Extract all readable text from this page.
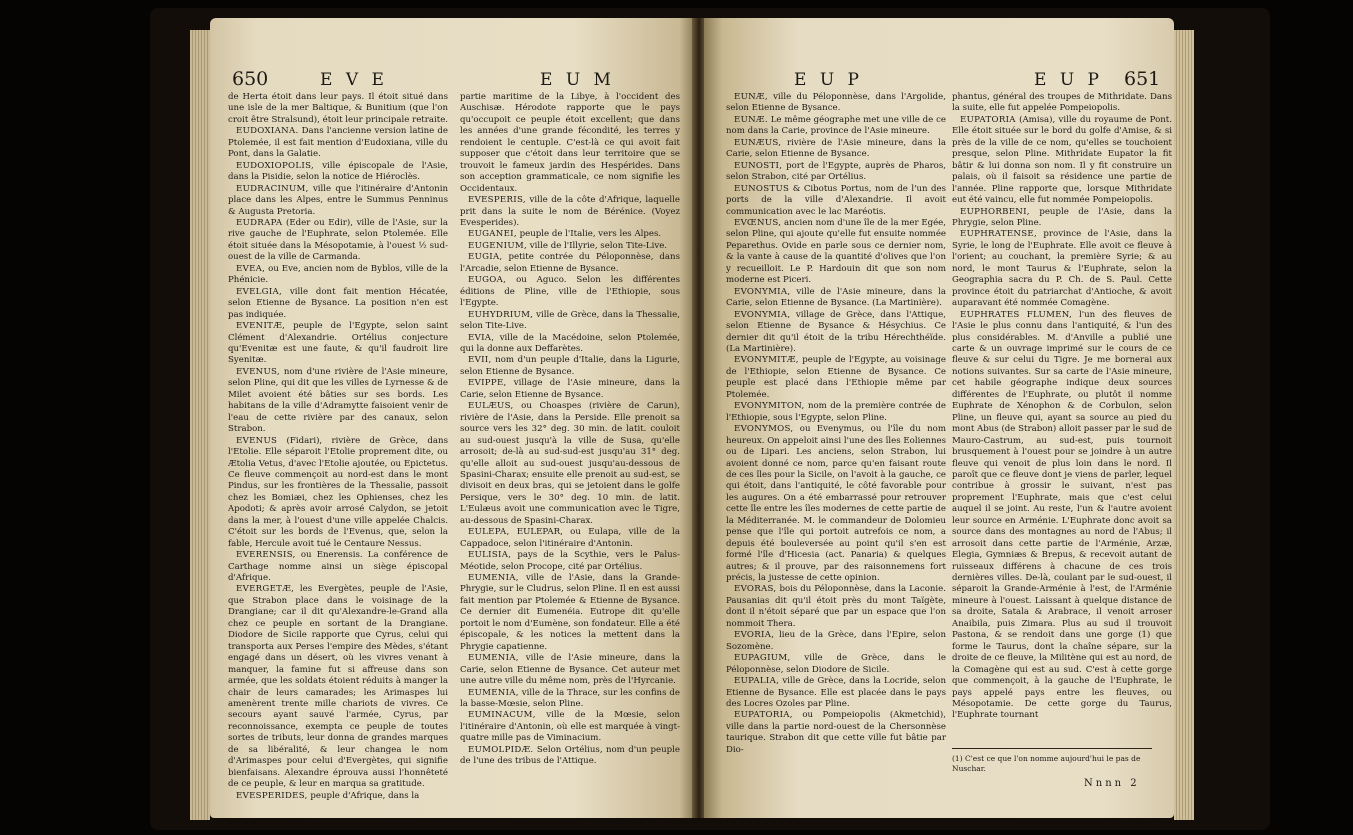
650	E V E	E U M

de Herta étoit dans leur pays. Il étoit situé dans une isle de la mer Baltique, & Bunitium (que l'on croit être Stralsund), étoit leur principale retraite.

EUDOXIANA. Dans l'ancienne version latine de Ptolemée, il est fait mention d'Eudoxiana, ville du Pont, dans la Galatie.

EUDOXIOPOLIS, ville épiscopale de l'Asie, dans la Pisidie, selon la notice de Hiéroclès.

EUDRACINUM, ville que l'itinéraire d'Antonin place dans les Alpes, entre le Summus Penninus & Augusta Pretoria.

EUDRAPA (Eder ou Edir), ville de l'Asie, sur la rive gauche de l'Euphrate, selon Ptolemée. Elle étoit située dans la Mésopotamie, à l'ouest ½ sud-ouest de la ville de Carmanda.

EVEA, ou Eve, ancien nom de Byblos, ville de la Phénicie.

EVELGIA, ville dont fait mention Hécatée, selon Etienne de Bysance. La position n'en est pas indiquée.

EVENITÆ, peuple de l'Egypte, selon saint Clément d'Alexandrie. Ortélius conjecture qu'Evenitæ est une faute, & qu'il faudroit lire Syenitæ.

EVENUS, nom d'une rivière de l'Asie mineure, selon Pline, qui dit que les villes de Lyrnesse & de Milet avoient été bâties sur ses bords. Les habitans de la ville d'Adramytte faisoient venir de l'eau de cette rivière par des canaux, selon Strabon.

EVENUS (Fidari), rivière de Grèce, dans l'Etolie. Elle séparoit l'Etolie proprement dite, ou Ætolia Vetus, d'avec l'Etolie ajoutée, ou Epictetus. Ce fleuve commençoit au nord-est dans le mont Pindus, sur les frontières de la Thessalie, passoit chez les Bomiæi, chez les Ophienses, chez les Apodoti; & après avoir arrosé Calydon, se jetoit dans la mer, à l'ouest d'une ville appelée Chalcis. C'étoit sur les bords de l'Evenus, que, selon la fable, Hercule avoit tué le Centaure Nessus.

EVERENSIS, ou Enerensis. La conférence de Carthage nomme ainsi un siège épiscopal d'Afrique.

EVERGETÆ, les Evergètes, peuple de l'Asie, que Strabon place dans le voisinage de la Drangiane; car il dit qu'Alexandre-le-Grand alla chez ce peuple en sortant de la Drangiane. Diodore de Sicile rapporte que Cyrus, celui qui transporta aux Perses l'empire des Mèdes, s'étant engagé dans un désert, où les vivres venant à manquer, la famine fut si affreuse dans son armée, que les soldats étoient réduits à manger la chair de leurs camarades; les Arimaspes lui amenèrent trente mille chariots de vivres. Ce secours ayant sauvé l'armée, Cyrus, par reconnoissance, exempta ce peuple de toutes sortes de tributs, leur donna de grandes marques de sa libéralité, & leur changea le nom d'Arimaspes pour celui d'Evergètes, qui signifie bienfaisans. Alexandre éprouva aussi l'honnêteté de ce peuple, & leur en marqua sa gratitude.

EVESPERIDES, peuple d'Afrique, dans la

partie maritime de la Libye, à l'occident des Auschisæ. Hérodote rapporte que le pays qu'occupoit ce peuple étoit excellent; que dans les années d'une grande fécondité, les terres y rendoient le centuple. C'est-là ce qui avoit fait supposer que c'étoit dans leur territoire que se trouvoit le fameux jardin des Hespérides. Dans son acception grammaticale, ce nom signifie les Occidentaux.

EVESPERIS, ville de la côte d'Afrique, laquelle prit dans la suite le nom de Bérénice. (Voyez Evesperides).

EUGANEI, peuple de l'Italie, vers les Alpes.

EUGENIUM, ville de l'Illyrie, selon Tite-Live.

EUGIA, petite contrée du Péloponnèse, dans l'Arcadie, selon Etienne de Bysance.

EUGOA, ou Aguco. Selon les différentes éditions de Pline, ville de l'Ethiopie, sous l'Egypte.

EUHYDRIUM, ville de Grèce, dans la Thessalie, selon Tite-Live.

EVIA, ville de la Macédoine, selon Ptolemée, qui la donne aux Deffarètes.

EVII, nom d'un peuple d'Italie, dans la Ligurie, selon Etienne de Bysance.

EVIPPE, village de l'Asie mineure, dans la Carie, selon Etienne de Bysance.

EULÆUS, ou Choaspes (rivière de Carun), rivière de l'Asie, dans la Perside. Elle prenoit sa source vers les 32° deg. 30 min. de latit. couloit au sud-ouest jusqu'à la ville de Susa, qu'elle arrosoit; de-là au sud-sud-est jusqu'au 31° deg. qu'elle alloit au sud-ouest jusqu'au-dessous de Spasini-Charax; ensuite elle prenoit au sud-est, se divisoit en deux bras, qui se jetoient dans le golfe Persique, vers le 30° deg. 10 min. de latit. L'Eulæus avoit une communication avec le Tigre, au-dessous de Spasini-Charax.

EULEPA, EULEPAR, ou Eulapa, ville de la Cappadoce, selon l'itinéraire d'Antonin.

EULISIA, pays de la Scythie, vers le Palus-Méotide, selon Procope, cité par Ortélius.

EUMENIA, ville de l'Asie, dans la Grande-Phrygie, sur le Cludrus, selon Pline. Il en est aussi fait mention par Ptolemée & Etienne de Bysance. Ce dernier dit Eumenéia. Eutrope dit qu'elle portoit le nom d'Eumène, son fondateur. Elle a été épiscopale, & les notices la mettent dans la Phrygie capatienne.

EUMENIA, ville de l'Asie mineure, dans la Carie, selon Etienne de Bysance. Cet auteur met une autre ville du même nom, près de l'Hyrcanie.

EUMENIA, ville de la Thrace, sur les confins de la basse-Mœsie, selon Pline.

EUMINACUM, ville de la Mœsie, selon l'itinéraire d'Antonin, où elle est marquée à vingt-quatre mille pas de Viminacium.

EUMOLPIDÆ. Selon Ortélius, nom d'un peuple de l'une des tribus de l'Attique.

E U P	E U P 651

EUNÆ, ville du Péloponnèse, dans l'Argolide, selon Etienne de Bysance.

EUNÆ. Le même géographe met une ville de ce nom dans la Carie, province de l'Asie mineure.

EUNÆUS, rivière de l'Asie mineure, dans la Carie, selon Etienne de Bysance.

EUNOSTI, port de l'Egypte, auprès de Pharos, selon Strabon, cité par Ortélius.

EUNOSTUS & Cibotus Portus, nom de l'un des ports de la ville d'Alexandrie. Il avoit communication avec le lac Maréotis.

EVŒNUS, ancien nom d'une île de la mer Egée, selon Pline, qui ajoute qu'elle fut ensuite nommée Peparethus. Ovide en parle sous ce dernier nom, & la vante à cause de la quantité d'olives que l'on y recueilloit. Le P. Hardouin dit que son nom moderne est Piceri.

EVONYMIA, ville de l'Asie mineure, dans la Carie, selon Etienne de Bysance. (La Martinière).

EVONYMIA, village de Grèce, dans l'Attique, selon Etienne de Bysance & Hésychius. Ce dernier dit qu'il étoit de la tribu Hérechthéïde. (La Martinière).

EVONYMITÆ, peuple de l'Egypte, au voisinage de l'Ethiopie, selon Etienne de Bysance. Ce peuple est placé dans l'Ethiopie même par Ptolemée.

EVONYMITON, nom de la première contrée de l'Ethiopie, sous l'Egypte, selon Pline.

EVONYMOS, ou Evenymus, ou l'île du nom heureux. On appeloit ainsi l'une des îles Eoliennes ou de Lipari. Les anciens, selon Strabon, lui avoient donné ce nom, parce qu'en faisant route de ces îles pour la Sicile, on l'avoit à la gauche, ce qui étoit, dans l'antiquité, le côté favorable pour les augures. On a été embarrassé pour retrouver cette île entre les îles modernes de cette partie de la Méditerranée. M. le commandeur de Dolomieu pense que l'île qui portoit autrefois ce nom, a depuis été bouleversée au point qu'il s'en est formé l'île d'Hicesia (act. Panaria) & quelques autres; & il prouve, par des raisonnemens fort précis, la justesse de cette opinion.

EVORAS, bois du Péloponnèse, dans la Laconie. Pausanias dit qu'il étoit près du mont Taïgète, dont il n'étoit séparé que par un espace que l'on nommoit Thera.

EVORIA, lieu de la Grèce, dans l'Epire, selon Sozomène.

EUPAGIUM, ville de Grèce, dans le Péloponnèse, selon Diodore de Sicile.

EUPALIA, ville de Grèce, dans la Locride, selon Etienne de Bysance. Elle est placée dans le pays des Locres Ozoles par Pline.

EUPATORIA, ou Pompeiopolis (Akmetchid), ville dans la partie nord-ouest de la Chersonnèse taurique. Strabon dit que cette ville fut bâtie par Dio-

phantus, général des troupes de Mithridate. Dans la suite, elle fut appelée Pompeiopolis.

EUPATORIA (Amisa), ville du royaume de Pont. Elle étoit située sur le bord du golfe d'Amise, & si près de la ville de ce nom, qu'elles se touchoient presque, selon Pline. Mithridate Eupator la fit bâtir & lui donna son nom. Il y fit construire un palais, où il faisoit sa résidence une partie de l'année. Pline rapporte que, lorsque Mithridate eut été vaincu, elle fut nommée Pompeiopolis.

EUPHORBENI, peuple de l'Asie, dans la Phrygie, selon Pline.

EUPHRATENSE, province de l'Asie, dans la Syrie, le long de l'Euphrate. Elle avoit ce fleuve à l'orient; au couchant, la première Syrie; & au nord, le mont Taurus & l'Euphrate, selon la Geographia sacra du P. Ch. de S. Paul. Cette province étoit du patriarchat d'Antioche, & avoit auparavant été nommée Comagène.

EUPHRATES FLUMEN, l'un des fleuves de l'Asie le plus connu dans l'antiquité, & l'un des plus considérables. M. d'Anville a publié une carte & un ouvrage imprimé sur le cours de ce fleuve & sur celui du Tigre. Je me bornerai aux notions suivantes. Sur sa carte de l'Asie mineure, cet habile géographe indique deux sources différentes de l'Euphrate, ou plutôt il nomme Euphrate de Xénophon & de Corbulon, selon Pline, un fleuve qui, ayant sa source au pied du mont Abus (de Strabon) alloit passer par le sud de Mauro-Castrum, au sud-est, puis tournoit brusquement à l'ouest pour se joindre à un autre fleuve qui venoit de plus loin dans le nord. Il paroît que ce fleuve dont je viens de parler, lequel contribue à grossir le suivant, n'est pas proprement l'Euphrate, mais que c'est celui auquel il se joint. Au reste, l'un & l'autre avoient leur source en Arménie. L'Euphrate donc avoit sa source dans des montagnes au nord de l'Abus; il arrosoit dans cette partie de l'Arménie, Arzæ, Elegia, Gymniæs & Brepus, & recevoit autant de ruisseaux différens à chacune de ces trois dernières villes. De-là, coulant par le sud-ouest, il séparoit la Grande-Arménie à l'est, de l'Arménie mineure à l'ouest. Laissant à quelque distance de sa droite, Satala & Arabrace, il venoit arroser Anaibila, puis Zimara. Plus au sud il trouvoit Pastona, & se rendoit dans une gorge (1) que forme le Taurus, dont la chaîne sépare, sur la droite de ce fleuve, la Militène qui est au nord, de la Comagène qui est au sud. C'est à cette gorge que commençoit, à la gauche de l'Euphrate, le pays appelé pays entre les fleuves, ou Mésopotamie. De cette gorge du Taurus, l'Euphrate tournant

(1) C'est ce que l'on nomme aujourd'hui le pas de Nuschar.
Nnnn 2
